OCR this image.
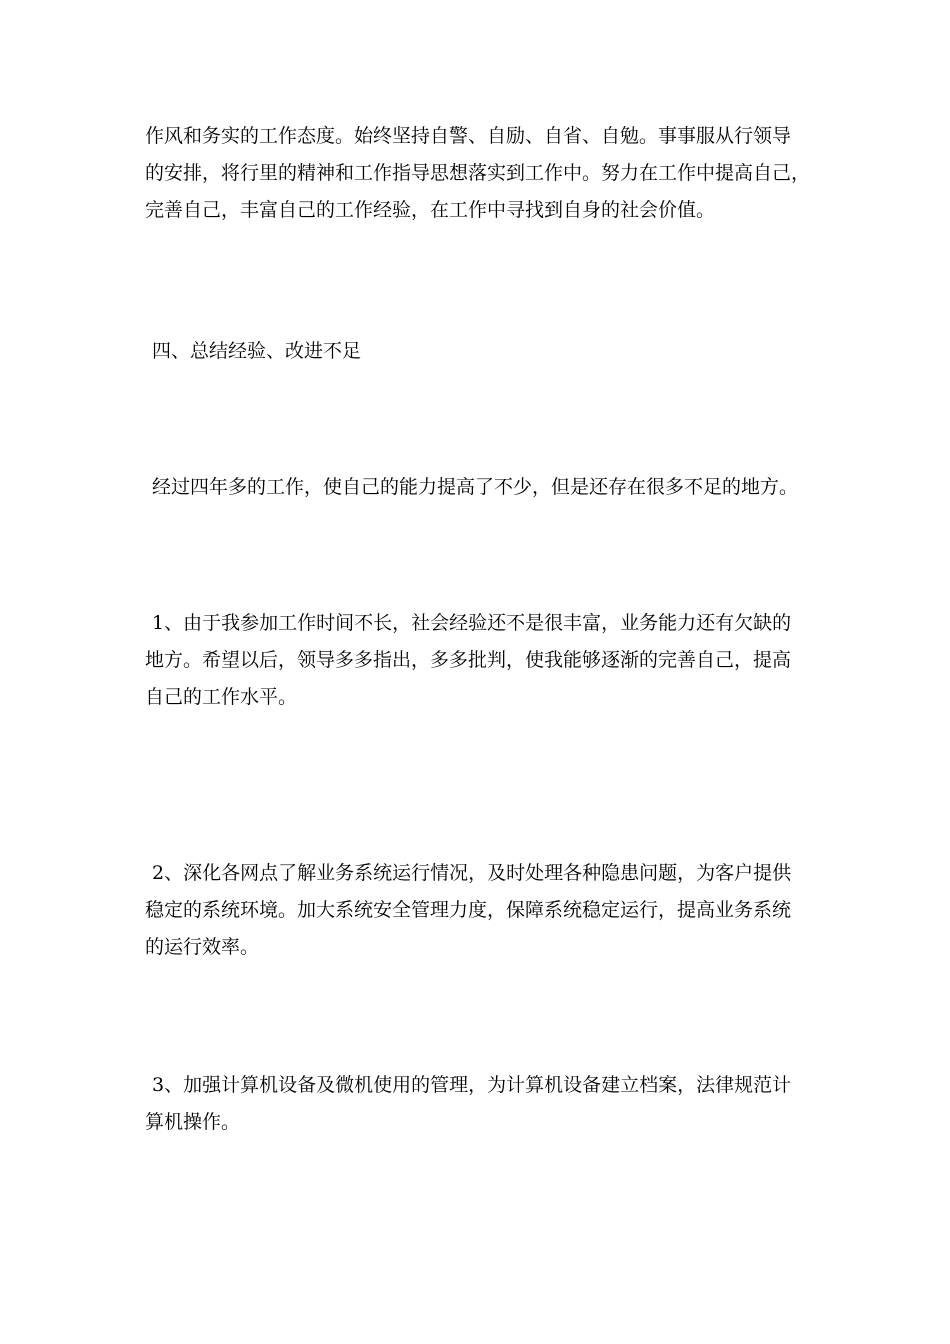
作风和务实的工作态度。始终坚持自警、自励、自省、自勉。事事服从行领导
的安排，将行里的精神和工作指导思想落实到工作中。努力在工作中提高自己，
完善自己，丰富自己的工作经验，在工作中寻找到自身的社会价值。

四、总结经验、改进不足

经过四年多的工作，使自己的能力提高了不少，但是还存在很多不足的地方。

1、由于我参加工作时间不长，社会经验还不是很丰富，业务能力还有欠缺的
地方。希望以后，领导多多指出，多多批判，使我能够逐渐的完善自己，提高
自己的工作水平。

2、深化各网点了解业务系统运行情况，及时处理各种隐患问题，为客户提供
稳定的系统环境。加大系统安全管理力度，保障系统稳定运行，提高业务系统
的运行效率。

3、加强计算机设备及微机使用的管理，为计算机设备建立档案，法律规范计
算机操作。
